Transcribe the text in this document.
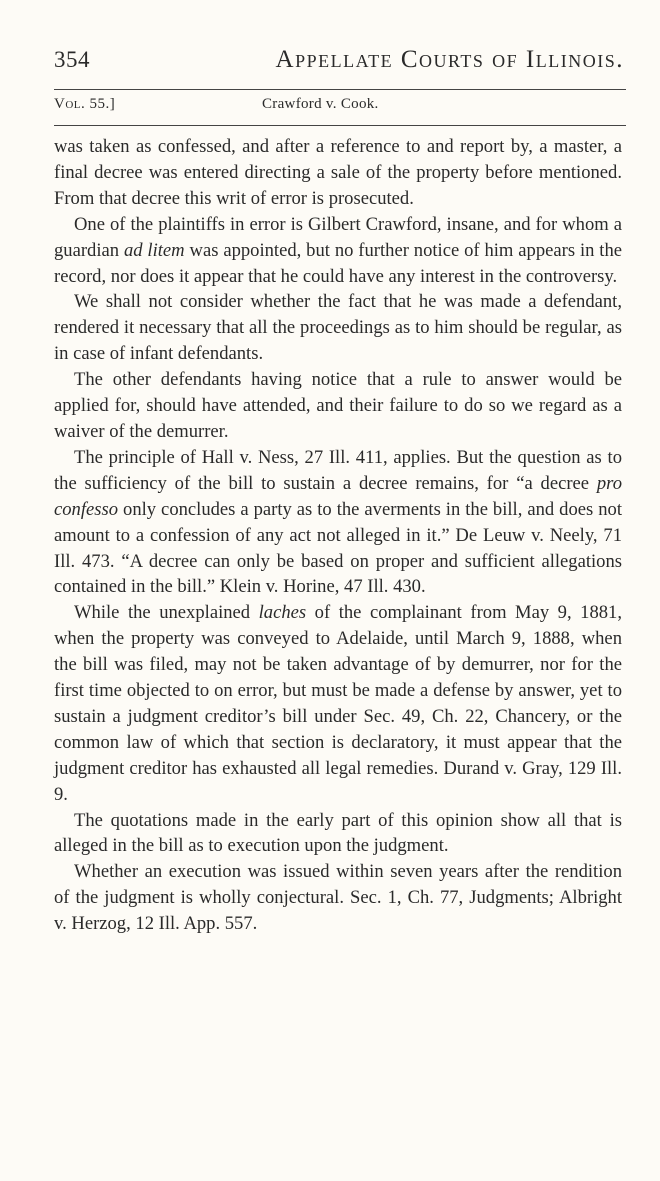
354	Appellate Courts of Illinois.
Vol. 55.]	Crawford v. Cook.

was taken as confessed, and after a reference to and report by, a master, a final decree was entered directing a sale of the property before mentioned. From that decree this writ of error is prosecuted.

One of the plaintiffs in error is Gilbert Crawford, insane, and for whom a guardian ad litem was appointed, but no further notice of him appears in the record, nor does it appear that he could have any interest in the controversy.

We shall not consider whether the fact that he was made a defendant, rendered it necessary that all the proceedings as to him should be regular, as in case of infant defendants.

The other defendants having notice that a rule to answer would be applied for, should have attended, and their failure to do so we regard as a waiver of the demurrer.

The principle of Hall v. Ness, 27 Ill. 411, applies. But the question as to the sufficiency of the bill to sustain a decree remains, for “a decree pro confesso only concludes a party as to the averments in the bill, and does not amount to a confession of any act not alleged in it.” De Leuw v. Neely, 71 Ill. 473. “A decree can only be based on proper and sufficient allegations contained in the bill.” Klein v. Horine, 47 Ill. 430.

While the unexplained laches of the complainant from May 9, 1881, when the property was conveyed to Adelaide, until March 9, 1888, when the bill was filed, may not be taken advantage of by demurrer, nor for the first time objected to on error, but must be made a defense by answer, yet to sustain a judgment creditor’s bill under Sec. 49, Ch. 22, Chancery, or the common law of which that section is declaratory, it must appear that the judgment creditor has exhausted all legal remedies. Durand v. Gray, 129 Ill. 9.

The quotations made in the early part of this opinion show all that is alleged in the bill as to execution upon the judgment.

Whether an execution was issued within seven years after the rendition of the judgment is wholly conjectural. Sec. 1, Ch. 77, Judgments; Albright v. Herzog, 12 Ill. App. 557.
